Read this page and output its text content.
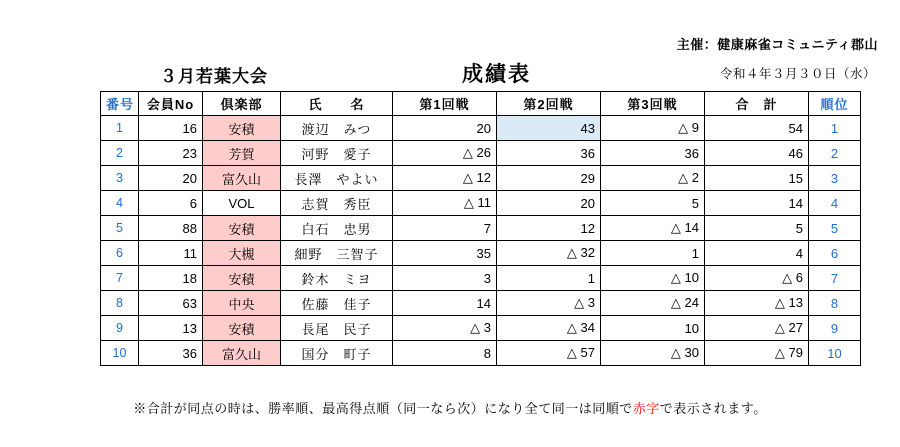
主催：健康麻雀コミュニティ郡山
令和４年３月３０日（水）
３月若葉大会	成績表
番号	会員No	倶楽部	氏　　名	第1回戦	第2回戦	第3回戦	合　計	順位
1	16	安積	渡辺　みつ	20	43	△ 9	54	1
2	23	芳賀	河野　愛子	△ 26	36	36	46	2
3	20	富久山	長澤　やよい	△ 12	29	△ 2	15	3
4	6	VOL	志賀　秀臣	△ 11	20	5	14	4
5	88	安積	白石　忠男	7	12	△ 14	5	5
6	11	大槻	細野　三智子	35	△ 32	1	4	6
7	18	安積	鈴木　ミヨ	3	1	△ 10	△ 6	7
8	63	中央	佐藤　佳子	14	△ 3	△ 24	△ 13	8
9	13	安積	長尾　民子	△ 3	△ 34	10	△ 27	9
10	36	富久山	国分　町子	8	△ 57	△ 30	△ 79	10
※合計が同点の時は、勝率順、最高得点順（同一なら次）になり全て同一は同順で赤字で表示されます。
